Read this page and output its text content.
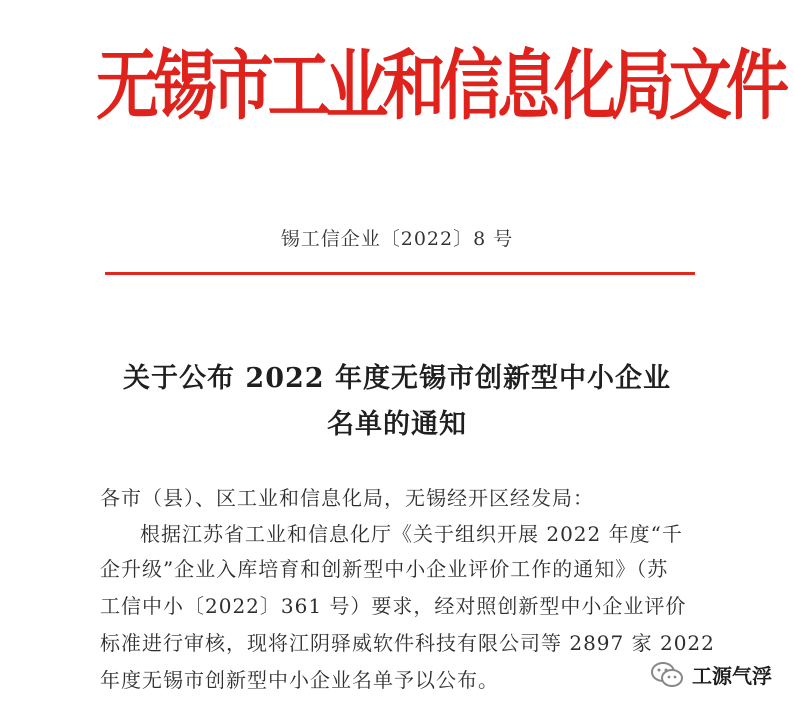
无锡市工业和信息化局文件
锡工信企业〔2022〕8 号
关于公布 2022 年度无锡市创新型中小企业
名单的通知
各市（县）、区工业和信息化局，无锡经开区经发局：
根据江苏省工业和信息化厅《关于组织开展 2022 年度“千
企升级”企业入库培育和创新型中小企业评价工作的通知》（苏
工信中小〔2022〕361 号）要求，经对照创新型中小企业评价
标准进行审核，现将江阴驿威软件科技有限公司等 2897 家 2022
年度无锡市创新型中小企业名单予以公布。	工源气浮
